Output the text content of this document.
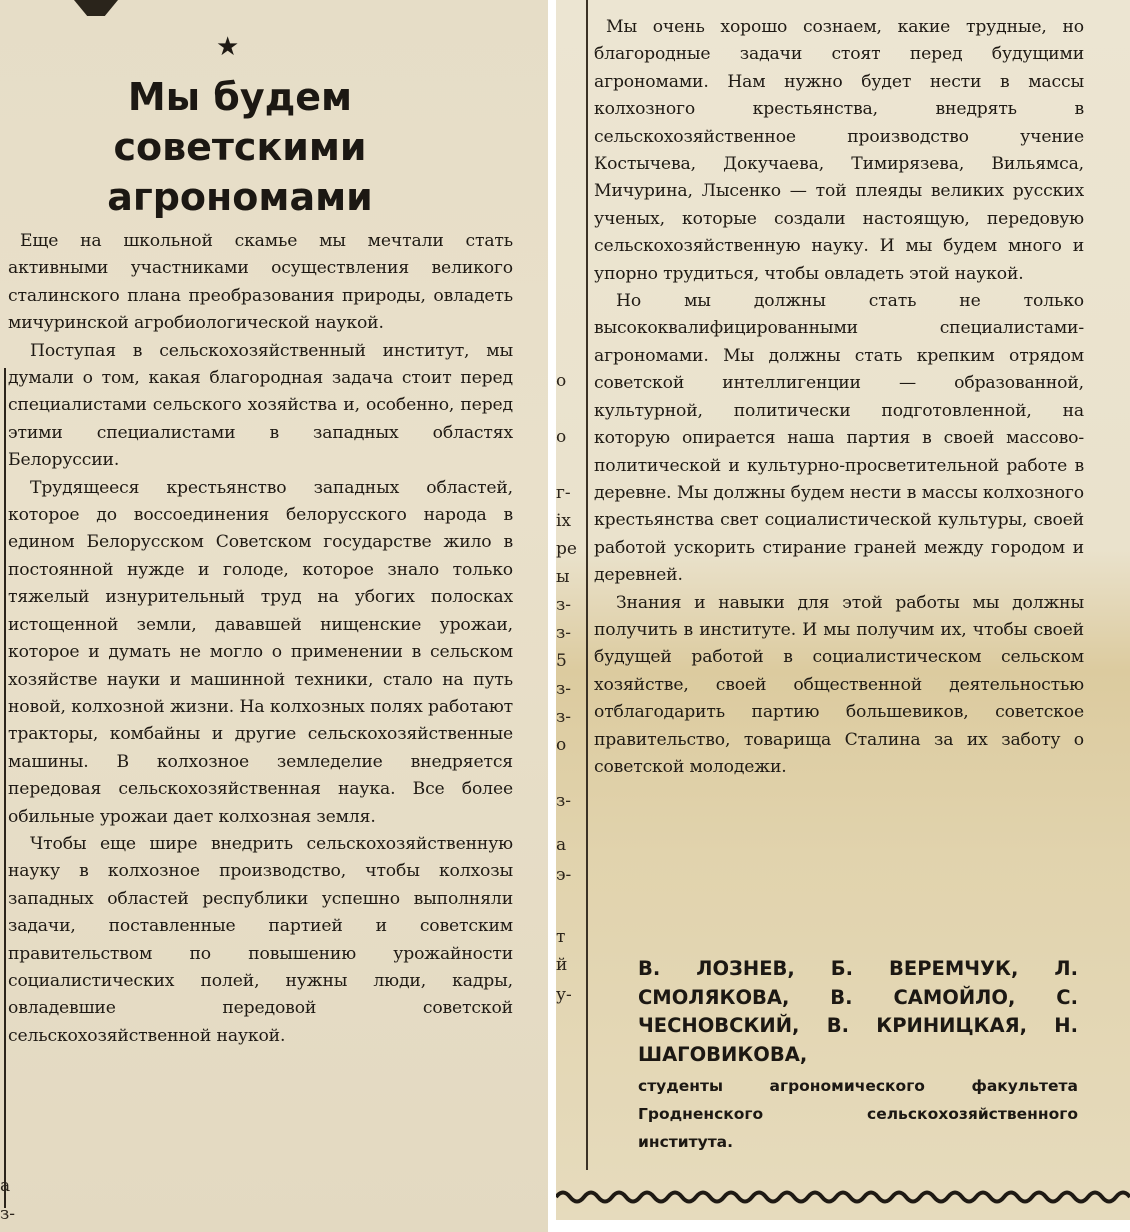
★
Мы будем
советскими
агрономами

Еще на школьной скамье мы мечтали стать активными участниками осуществления великого сталинского плана преобразования природы, овладеть мичуринской агробиологической наукой.

Поступая в сельскохозяйственный институт, мы думали о том, какая благородная задача стоит перед специалистами сельского хозяйства и, особенно, перед этими специалистами в западных областях Белоруссии.

Трудящееся крестьянство западных областей, которое до воссоединения белорусского народа в едином Белорусском Советском государстве жило в постоянной нужде и голоде, которое знало только тяжелый изнурительный труд на убогих полосках истощенной земли, дававшей нищенские урожаи, которое и думать не могло о применении в сельском хозяйстве науки и машинной техники, стало на путь новой, колхозной жизни. На колхозных полях работают тракторы, комбайны и другие сельскохозяйственные машины. В колхозное земледелие внедряется передовая сельскохозяйственная наука. Все более обильные урожаи дает колхозная земля.

Чтобы еще шире внедрить сельскохозяйственную науку в колхозное производство, чтобы колхозы западных областей республики успешно выполняли задачи, поставленные партией и советским правительством по повышению урожайности социалистических полей, нужны люди, кадры, овладевшие передовой советской сельскохозяйственной наукой.

а
з-
о
о
г-
ix
ре
ы
з-
з-
5
з-
з-
о
з-
а
э-
т
й
у-

Мы очень хорошо сознаем, какие трудные, но благородные задачи стоят перед будущими агрономами. Нам нужно будет нести в массы колхозного крестьянства, внедрять в сельскохозяйственное производство учение Костычева, Докучаева, Тимирязева, Вильямса, Мичурина, Лысенко — той плеяды великих русских ученых, которые создали настоящую, передовую сельскохозяйственную науку. И мы будем много и упорно трудиться, чтобы овладеть этой наукой.

Но мы должны стать не только высококвалифицированными специалистами-агрономами. Мы должны стать крепким отрядом советской интеллигенции — образованной, культурной, политически подготовленной, на которую опирается наша партия в своей массово-политической и культурно-просветительной работе в деревне. Мы должны будем нести в массы колхозного крестьянства свет социалистической культуры, своей работой ускорить стирание граней между городом и деревней.

Знания и навыки для этой работы мы должны получить в институте. И мы получим их, чтобы своей будущей работой в социалистическом сельском хозяйстве, своей общественной деятельностью отблагодарить партию большевиков, советское правительство, товарища Сталина за их заботу о советской молодежи.

В. ЛОЗНЕВ, Б. ВЕРЕМЧУК, Л. СМОЛЯКОВА, В. САМОЙЛО, С. ЧЕСНОВСКИЙ, В. КРИНИЦКАЯ, Н. ШАГОВИКОВА,
студенты агрономического факультета Гродненского сельскохозяйственного института.
